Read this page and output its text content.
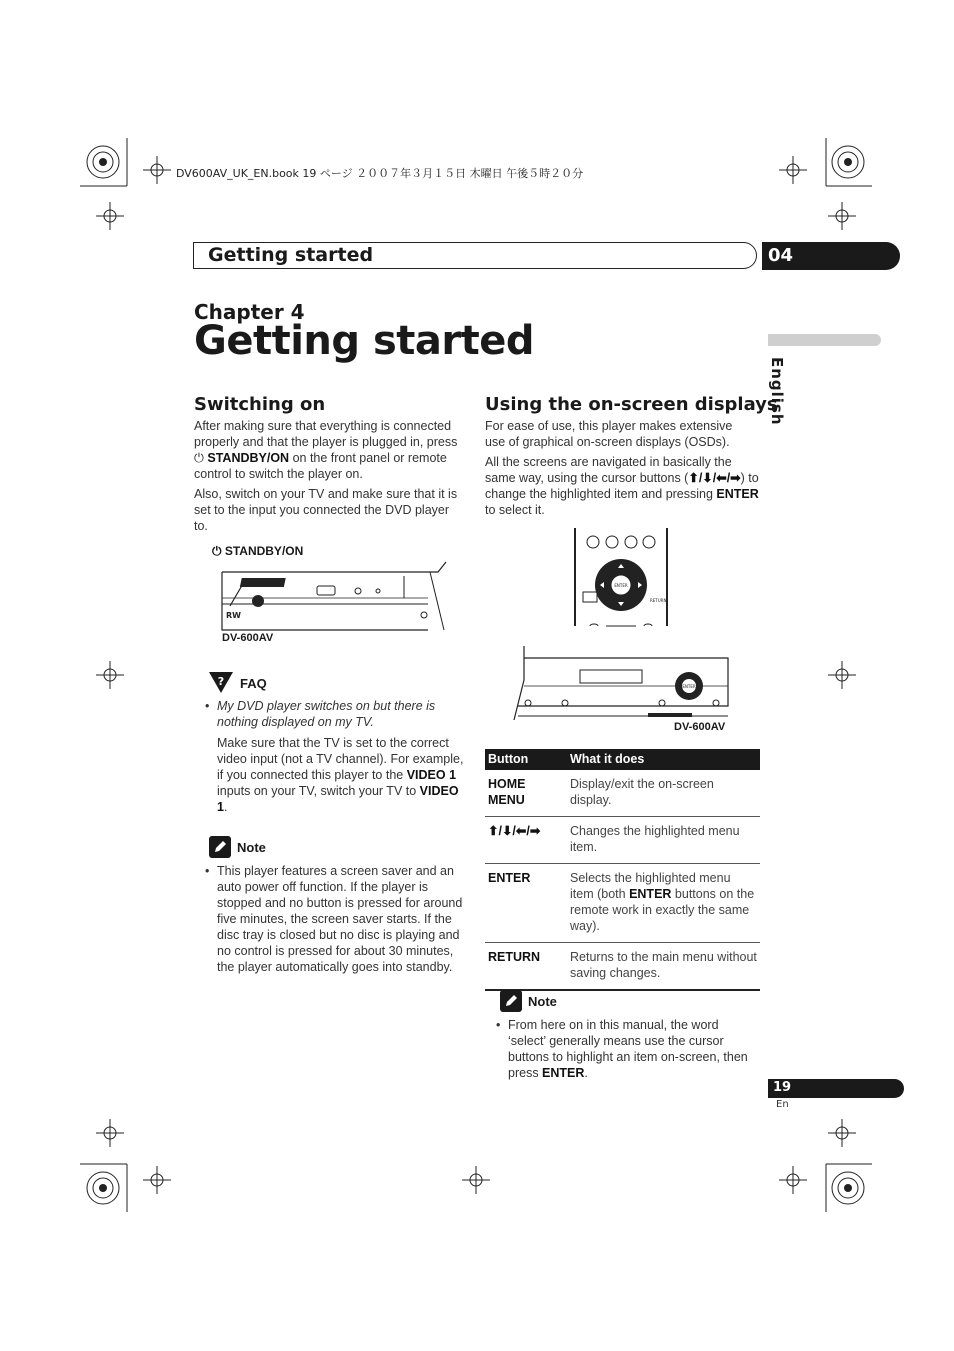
DV600AV_UK_EN.book 19 ページ ２００７年３月１５日 木曜日 午後５時２０分
Getting started	04
Chapter 4
Getting started
English
Switching on
After making sure that everything is connected properly and that the player is plugged in, press ⏻ STANDBY/ON on the front panel or remote control to switch the player on.
Also, switch on your TV and make sure that it is set to the input you connected the DVD player to.
⏻ STANDBY/ON
RW
DV-600AV
? FAQ
• My DVD player switches on but there is nothing displayed on my TV.
Make sure that the TV is set to the correct video input (not a TV channel). For example, if you connected this player to the VIDEO 1 inputs on your TV, switch your TV to VIDEO 1.
Note
• This player features a screen saver and an auto power off function. If the player is stopped and no button is pressed for around five minutes, the screen saver starts. If the disc tray is closed but no disc is playing and no control is pressed for about 30 minutes, the player automatically goes into standby.
Using the on-screen displays
For ease of use, this player makes extensive use of graphical on-screen displays (OSDs).
All the screens are navigated in basically the same way, using the cursor buttons (⬆/⬇/⬅/➡) to change the highlighted item and pressing ENTER to select it.
ENTER
RETURN
ENTER
DV-600AV
Button	What it does
HOME MENU	Display/exit the on-screen display.
⬆/⬇/⬅/➡	Changes the highlighted menu item.
ENTER	Selects the highlighted menu item (both ENTER buttons on the remote work in exactly the same way).
RETURN	Returns to the main menu without saving changes.
Note
• From here on in this manual, the word ‘select’ generally means use the cursor buttons to highlight an item on-screen, then press ENTER.
19
En
